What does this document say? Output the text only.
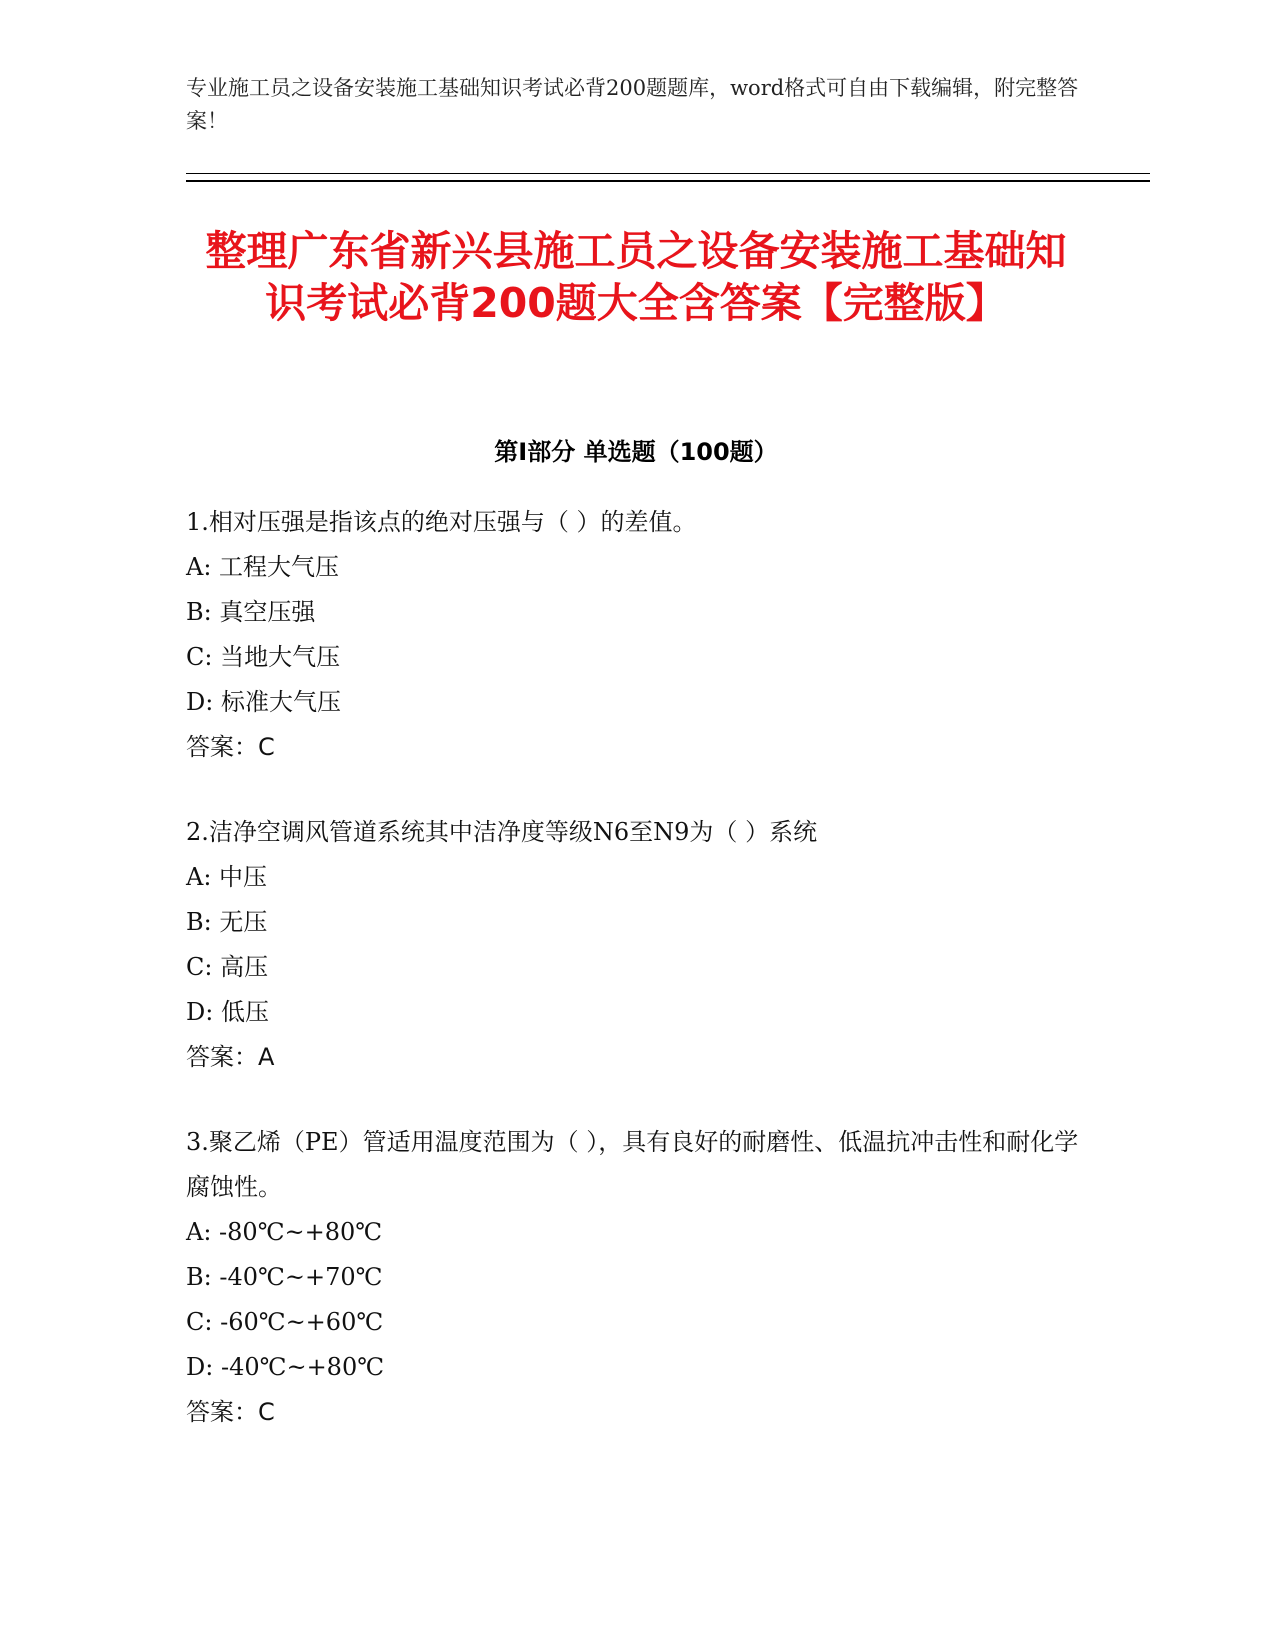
专业施工员之设备安装施工基础知识考试必背200题题库，word格式可自由下载编辑，附完整答案！
整理广东省新兴县施工员之设备安装施工基础知识考试必背200题大全含答案【完整版】
第I部分 单选题（100题）
1.相对压强是指该点的绝对压强与（ ）的差值。
A: 工程大气压
B: 真空压强
C: 当地大气压
D: 标准大气压
答案：C
2.洁净空调风管道系统其中洁净度等级N6至N9为（ ）系统
A: 中压
B: 无压
C: 高压
D: 低压
答案：A
3.聚乙烯（PE）管适用温度范围为（ ），具有良好的耐磨性、低温抗冲击性和耐化学腐蚀性。
A: -80℃~+80℃
B: -40℃~+70℃
C: -60℃~+60℃
D: -40℃~+80℃
答案：C
